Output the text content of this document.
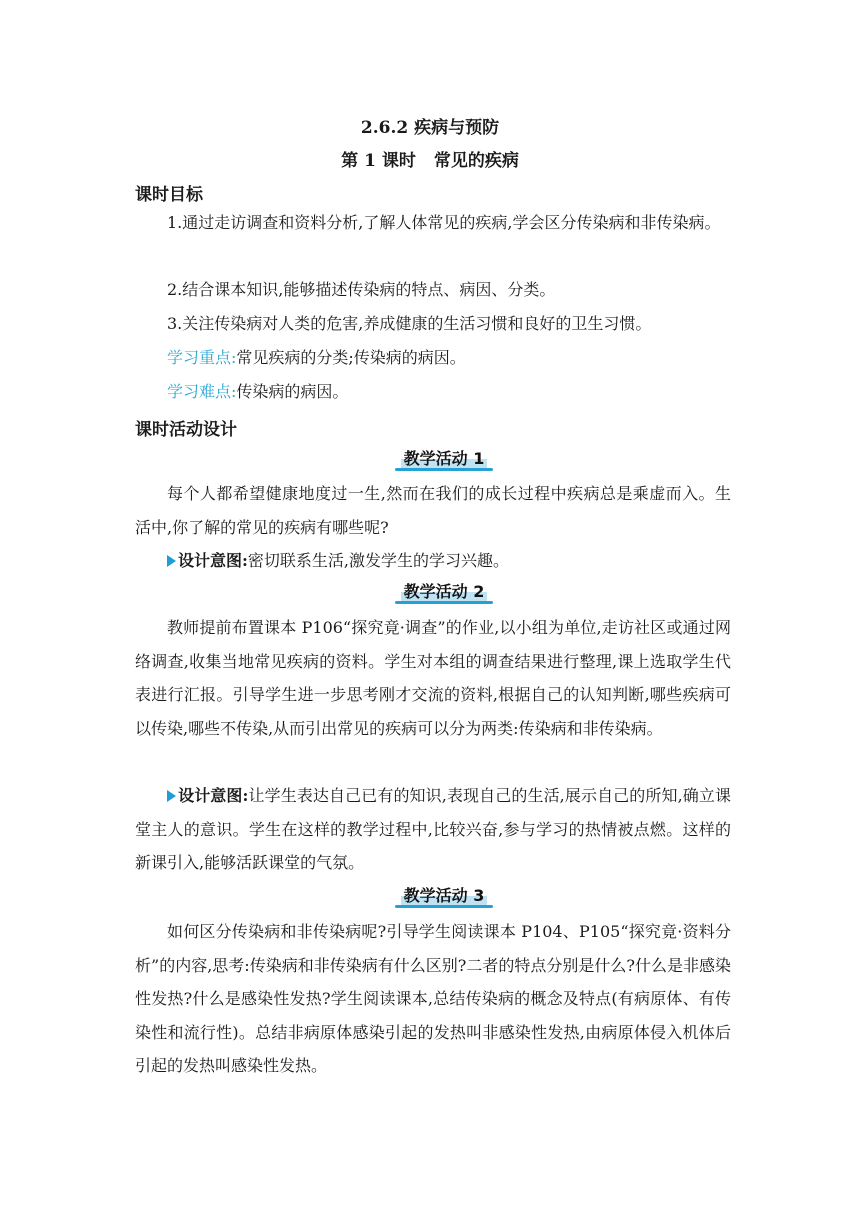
2.6.2 疾病与预防
第 1 课时 常见的疾病
课时目标
1.通过走访调查和资料分析,了解人体常见的疾病,学会区分传染病和非传染病。
2.结合课本知识,能够描述传染病的特点、病因、分类。
3.关注传染病对人类的危害,养成健康的生活习惯和良好的卫生习惯。
学习重点:常见疾病的分类;传染病的病因。
学习难点:传染病的病因。
课时活动设计
教学活动 1
每个人都希望健康地度过一生,然而在我们的成长过程中疾病总是乘虚而入。生活中,你了解的常见的疾病有哪些呢?
设计意图:密切联系生活,激发学生的学习兴趣。
教学活动 2
教师提前布置课本 P106“探究竟·调查”的作业,以小组为单位,走访社区或通过网络调查,收集当地常见疾病的资料。学生对本组的调查结果进行整理,课上选取学生代表进行汇报。引导学生进一步思考刚才交流的资料,根据自己的认知判断,哪些疾病可以传染,哪些不传染,从而引出常见的疾病可以分为两类:传染病和非传染病。
设计意图:让学生表达自己已有的知识,表现自己的生活,展示自己的所知,确立课堂主人的意识。学生在这样的教学过程中,比较兴奋,参与学习的热情被点燃。这样的新课引入,能够活跃课堂的气氛。
教学活动 3
如何区分传染病和非传染病呢?引导学生阅读课本 P104、P105“探究竟·资料分析”的内容,思考:传染病和非传染病有什么区别?二者的特点分别是什么?什么是非感染性发热?什么是感染性发热?学生阅读课本,总结传染病的概念及特点(有病原体、有传染性和流行性)。总结非病原体感染引起的发热叫非感染性发热,由病原体侵入机体后引起的发热叫感染性发热。
